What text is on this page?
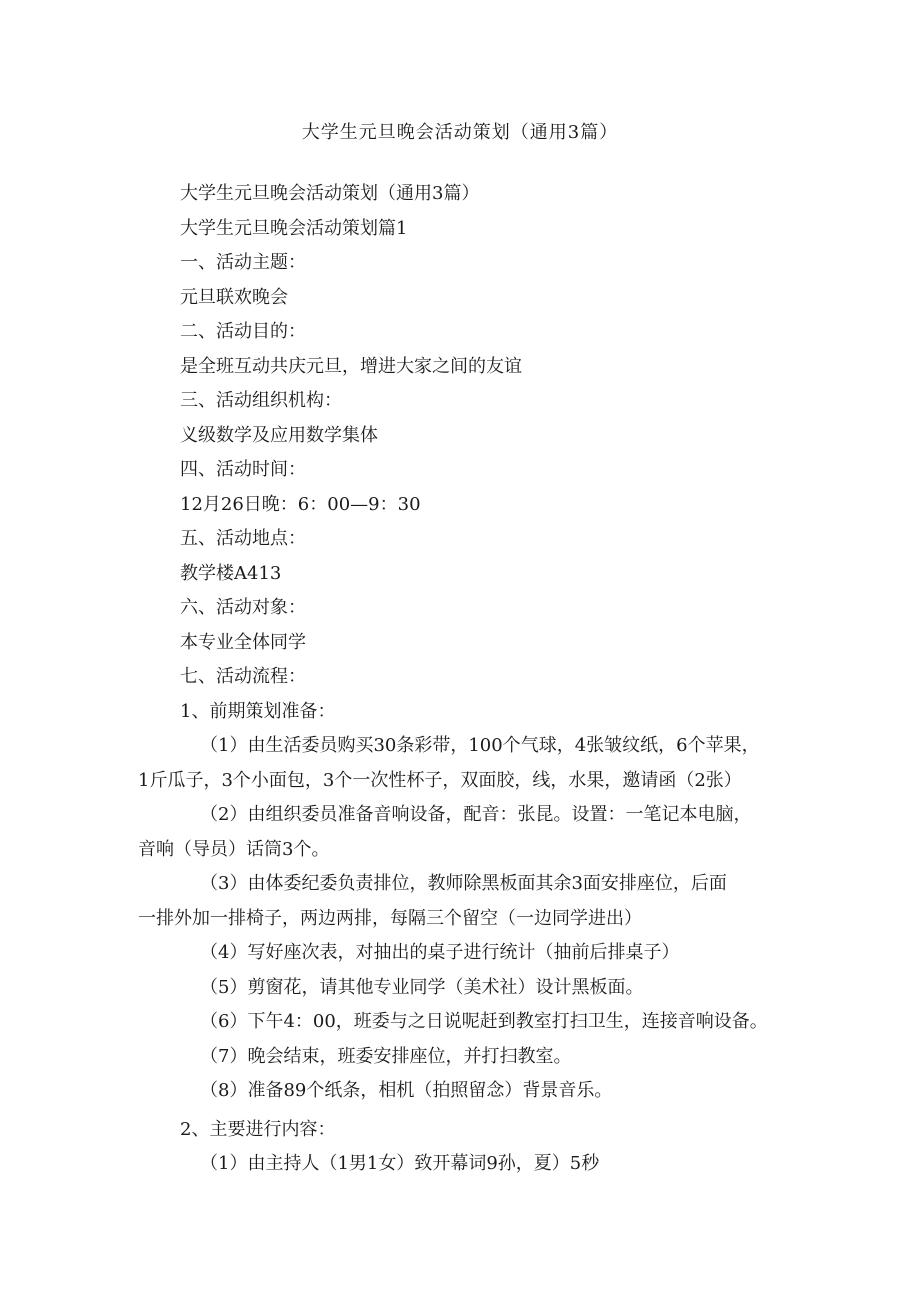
大学生元旦晚会活动策划（通用3篇）
大学生元旦晚会活动策划（通用3篇）
大学生元旦晚会活动策划篇1
一、活动主题：
元旦联欢晚会
二、活动目的：
是全班互动共庆元旦，增进大家之间的友谊
三、活动组织机构：
义级数学及应用数学集体
四、活动时间：
12月26日晚：6：00—9：30
五、活动地点：
教学楼A413
六、活动对象：
本专业全体同学
七、活动流程：
1、前期策划准备：
（1）由生活委员购买30条彩带，100个气球，4张皱纹纸，6个苹果，
1斤瓜子，3个小面包，3个一次性杯子，双面胶，线，水果，邀请函（2张）
（2）由组织委员准备音响设备，配音：张昆。设置：一笔记本电脑，
音响（导员）话筒3个。
（3）由体委纪委负责排位，教师除黑板面其余3面安排座位，后面
一排外加一排椅子，两边两排，每隔三个留空（一边同学进出）
（4）写好座次表，对抽出的桌子进行统计（抽前后排桌子）
（5）剪窗花，请其他专业同学（美术社）设计黑板面。
（6）下午4：00，班委与之日说呢赶到教室打扫卫生，连接音响设备。
（7）晚会结束，班委安排座位，并打扫教室。
（8）准备89个纸条，相机（拍照留念）背景音乐。
2、主要进行内容：
（1）由主持人（1男1女）致开幕词9孙，夏）5秒
